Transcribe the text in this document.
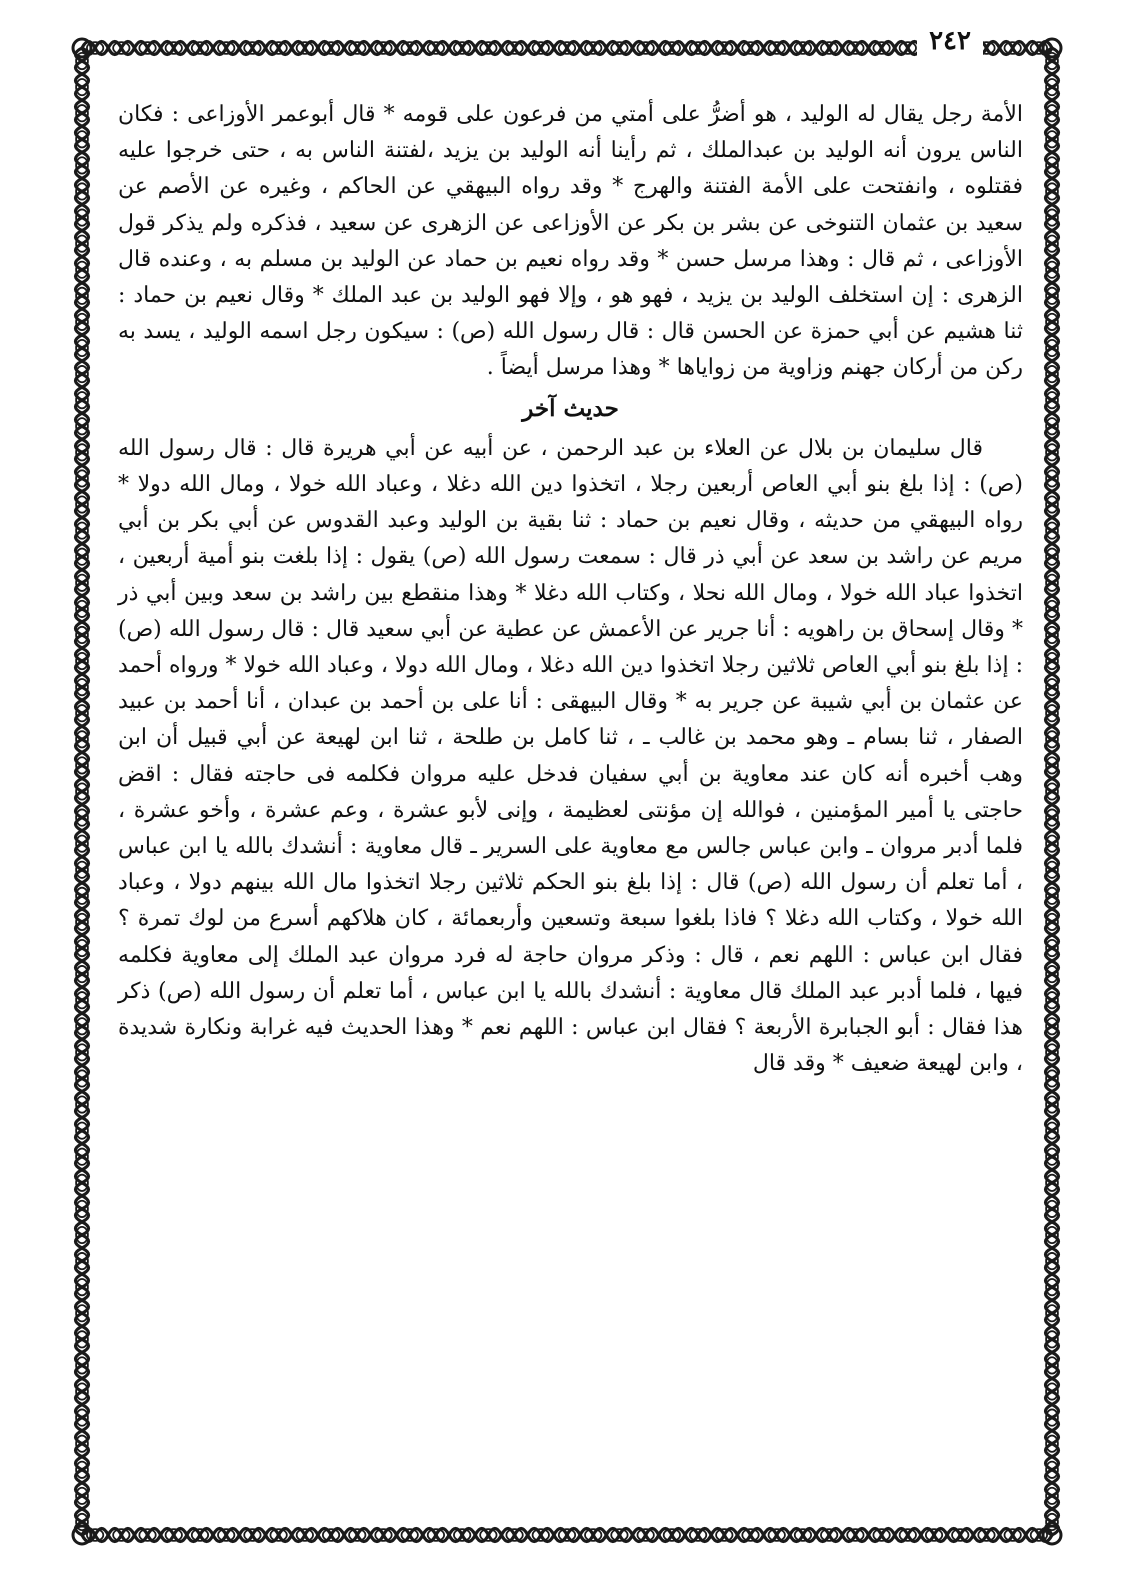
٢٤٢

الأمة رجل يقال له الوليد ، هو أضرُّ على أمتي من فرعون على قومه * قال أبوعمر الأوزاعى : فكان الناس يرون أنه الوليد بن عبدالملك ، ثم رأينا أنه الوليد بن يزيد ،لفتنة الناس به ، حتى خرجوا عليه فقتلوه ، وانفتحت على الأمة الفتنة والهرج * وقد رواه البيهقي عن الحاكم ، وغيره عن الأصم عن سعيد بن عثمان التنوخى عن بشر بن بكر عن الأوزاعى عن الزهرى عن سعيد ، فذكره ولم يذكر قول الأوزاعى ، ثم قال : وهذا مرسل حسن * وقد رواه نعيم بن حماد عن الوليد بن مسلم به ، وعنده قال الزهرى : إن استخلف الوليد بن يزيد ، فهو هو ، وإلا فهو الوليد بن عبد الملك * وقال نعيم بن حماد : ثنا هشيم عن أبي حمزة عن الحسن قال : قال رسول الله (ص) : سيكون رجل اسمه الوليد ، يسد به ركن من أركان جهنم وزاوية من زواياها * وهذا مرسل أيضاً .

حديث آخر

قال سليمان بن بلال عن العلاء بن عبد الرحمن ، عن أبيه عن أبي هريرة قال : قال رسول الله (ص) : إذا بلغ بنو أبي العاص أربعين رجلا ، اتخذوا دين الله دغلا ، وعباد الله خولا ، ومال الله دولا * رواه البيهقي من حديثه ، وقال نعيم بن حماد : ثنا بقية بن الوليد وعبد القدوس عن أبي بكر بن أبي مريم عن راشد بن سعد عن أبي ذر قال : سمعت رسول الله (ص) يقول : إذا بلغت بنو أمية أربعين ، اتخذوا عباد الله خولا ، ومال الله نحلا ، وكتاب الله دغلا * وهذا منقطع بين راشد بن سعد وبين أبي ذر * وقال إسحاق بن راهويه : أنا جرير عن الأعمش عن عطية عن أبي سعيد قال : قال رسول الله (ص) : إذا بلغ بنو أبي العاص ثلاثين رجلا اتخذوا دين الله دغلا ، ومال الله دولا ، وعباد الله خولا * ورواه أحمد عن عثمان بن أبي شيبة عن جرير به * وقال البيهقى : أنا على بن أحمد بن عبدان ، أنا أحمد بن عبيد الصفار ، ثنا بسام ـ وهو محمد بن غالب ـ ، ثنا كامل بن طلحة ، ثنا ابن لهيعة عن أبي قبيل أن ابن وهب أخبره أنه كان عند معاوية بن أبي سفيان فدخل عليه مروان فكلمه فى حاجته فقال : اقض حاجتى يا أمير المؤمنين ، فوالله إن مؤنتى لعظيمة ، وإنى لأبو عشرة ، وعم عشرة ، وأخو عشرة ، فلما أدبر مروان ـ وابن عباس جالس مع معاوية على السرير ـ قال معاوية : أنشدك بالله يا ابن عباس ، أما تعلم أن رسول الله (ص) قال : إذا بلغ بنو الحكم ثلاثين رجلا اتخذوا مال الله بينهم دولا ، وعباد الله خولا ، وكتاب الله دغلا ؟ فاذا بلغوا سبعة وتسعين وأربعمائة ، كان هلاكهم أسرع من لوك تمرة ؟ فقال ابن عباس : اللهم نعم ، قال : وذكر مروان حاجة له فرد مروان عبد الملك إلى معاوية فكلمه فيها ، فلما أدبر عبد الملك قال معاوية : أنشدك بالله يا ابن عباس ، أما تعلم أن رسول الله (ص) ذكر هذا فقال : أبو الجبابرة الأربعة ؟ فقال ابن عباس : اللهم نعم * وهذا الحديث فيه غرابة ونكارة شديدة ، وابن لهيعة ضعيف * وقد قال
